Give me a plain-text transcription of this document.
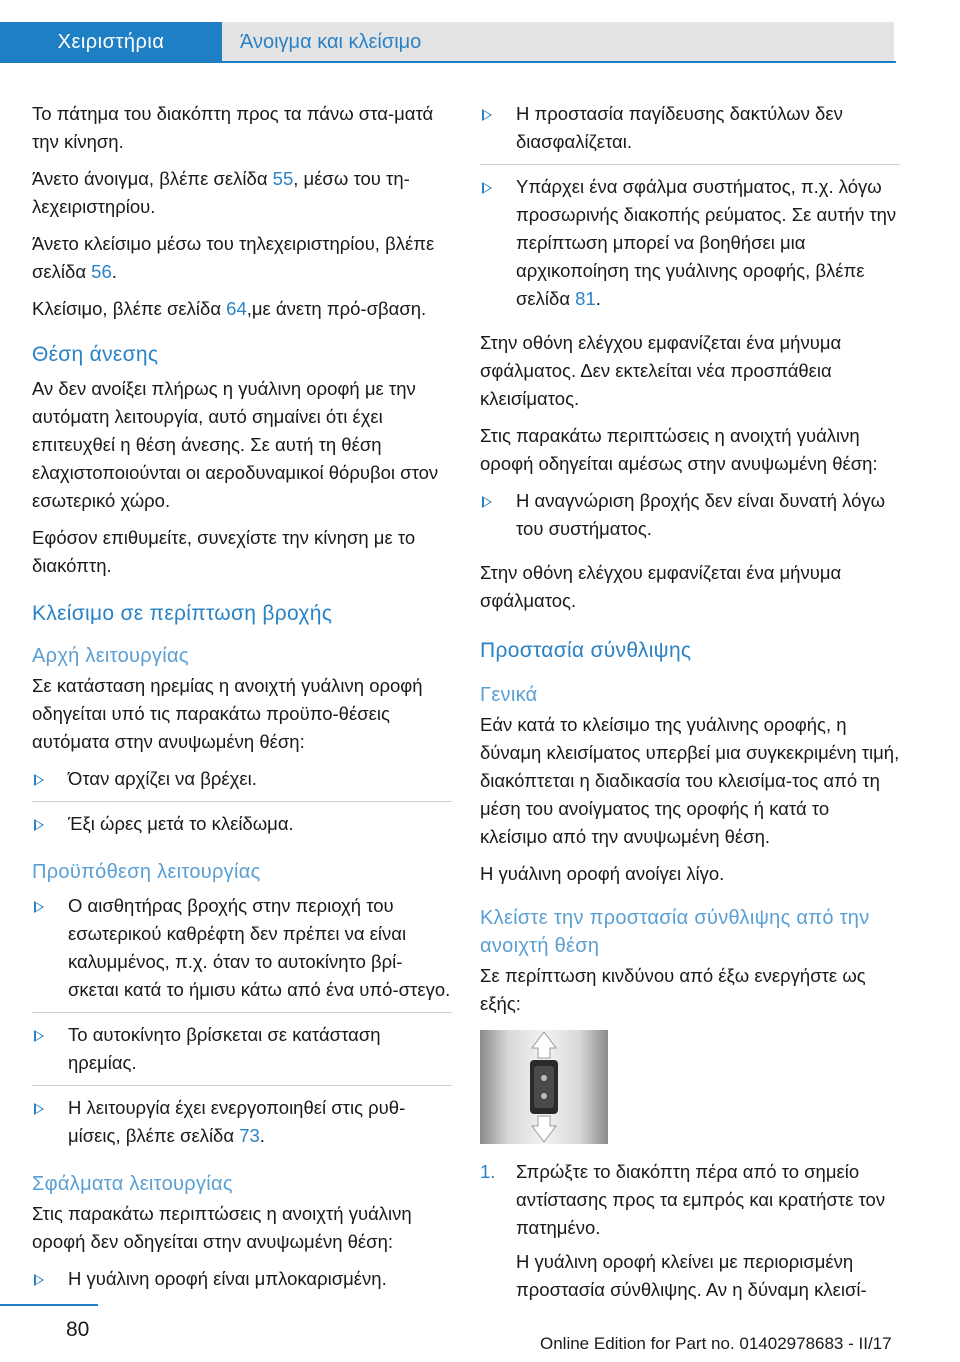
Χειριστήρια	Άνοιγμα και κλείσιμο

Το πάτημα του διακόπτη προς τα πάνω στα-ματά την κίνηση.

Άνετο άνοιγμα, βλέπε σελίδα 55, μέσω του τη-λεχειριστηρίου.

Άνετο κλείσιμο μέσω του τηλεχειριστηρίου, βλέπε σελίδα 56.

Κλείσιμο, βλέπε σελίδα 64,με άνετη πρό-σβαση.

Θέση άνεσης

Αν δεν ανοίξει πλήρως η γυάλινη οροφή με την αυτόματη λειτουργία, αυτό σημαίνει ότι έχει επιτευχθεί η θέση άνεσης. Σε αυτή τη θέση ελαχιστοποιούνται οι αεροδυναμικοί θόρυβοι στον εσωτερικό χώρο.

Εφόσον επιθυμείτε, συνεχίστε την κίνηση με το διακόπτη.

Κλείσιμο σε περίπτωση βροχής
Αρχή λειτουργίας

Σε κατάσταση ηρεμίας η ανοιχτή γυάλινη οροφή οδηγείται υπό τις παρακάτω προϋπο-θέσεις αυτόματα στην ανυψωμένη θέση:

Όταν αρχίζει να βρέχει.
Έξι ώρες μετά το κλείδωμα.
Προϋπόθεση λειτουργίας
Ο αισθητήρας βροχής στην περιοχή του εσωτερικού καθρέφτη δεν πρέπει να είναι καλυμμένος, π.χ. όταν το αυτοκίνητο βρί-σκεται κατά το ήμισυ κάτω από ένα υπό-στεγο.
Το αυτοκίνητο βρίσκεται σε κατάσταση ηρεμίας.
Η λειτουργία έχει ενεργοποιηθεί στις ρυθ-μίσεις, βλέπε σελίδα 73.
Σφάλματα λειτουργίας

Στις παρακάτω περιπτώσεις η ανοιχτή γυάλινη οροφή δεν οδηγείται στην ανυψωμένη θέση:

Η γυάλινη οροφή είναι μπλοκαρισμένη.
Η προστασία παγίδευσης δακτύλων δεν διασφαλίζεται.
Υπάρχει ένα σφάλμα συστήματος, π.χ. λόγω προσωρινής διακοπής ρεύματος. Σε αυτήν την περίπτωση μπορεί να βοηθήσει μια αρχικοποίηση της γυάλινης οροφής, βλέπε σελίδα 81.

Στην οθόνη ελέγχου εμφανίζεται ένα μήνυμα σφάλματος. Δεν εκτελείται νέα προσπάθεια κλεισίματος.

Στις παρακάτω περιπτώσεις η ανοιχτή γυάλινη οροφή οδηγείται αμέσως στην ανυψωμένη θέση:

Η αναγνώριση βροχής δεν είναι δυνατή λόγω του συστήματος.

Στην οθόνη ελέγχου εμφανίζεται ένα μήνυμα σφάλματος.

Προστασία σύνθλιψης
Γενικά

Εάν κατά το κλείσιμο της γυάλινης οροφής, η δύναμη κλεισίματος υπερβεί μια συγκεκριμένη τιμή, διακόπτεται η διαδικασία του κλεισίμα-τος από τη μέση του ανοίγματος της οροφής ή κατά το κλείσιμο από την ανυψωμένη θέση.

Η γυάλινη οροφή ανοίγει λίγο.

Κλείστε την προστασία σύνθλιψης από την ανοιχτή θέση

Σε περίπτωση κινδύνου από έξω ενεργήστε ως εξής:

1. Σπρώξτε το διακόπτη πέρα από το σημείο αντίστασης προς τα εμπρός και κρατήστε τον πατημένο.
Η γυάλινη οροφή κλείνει με περιορισμένη προστασία σύνθλιψης. Αν η δύναμη κλεισί-
80
Online Edition for Part no. 01402978683 - II/17
